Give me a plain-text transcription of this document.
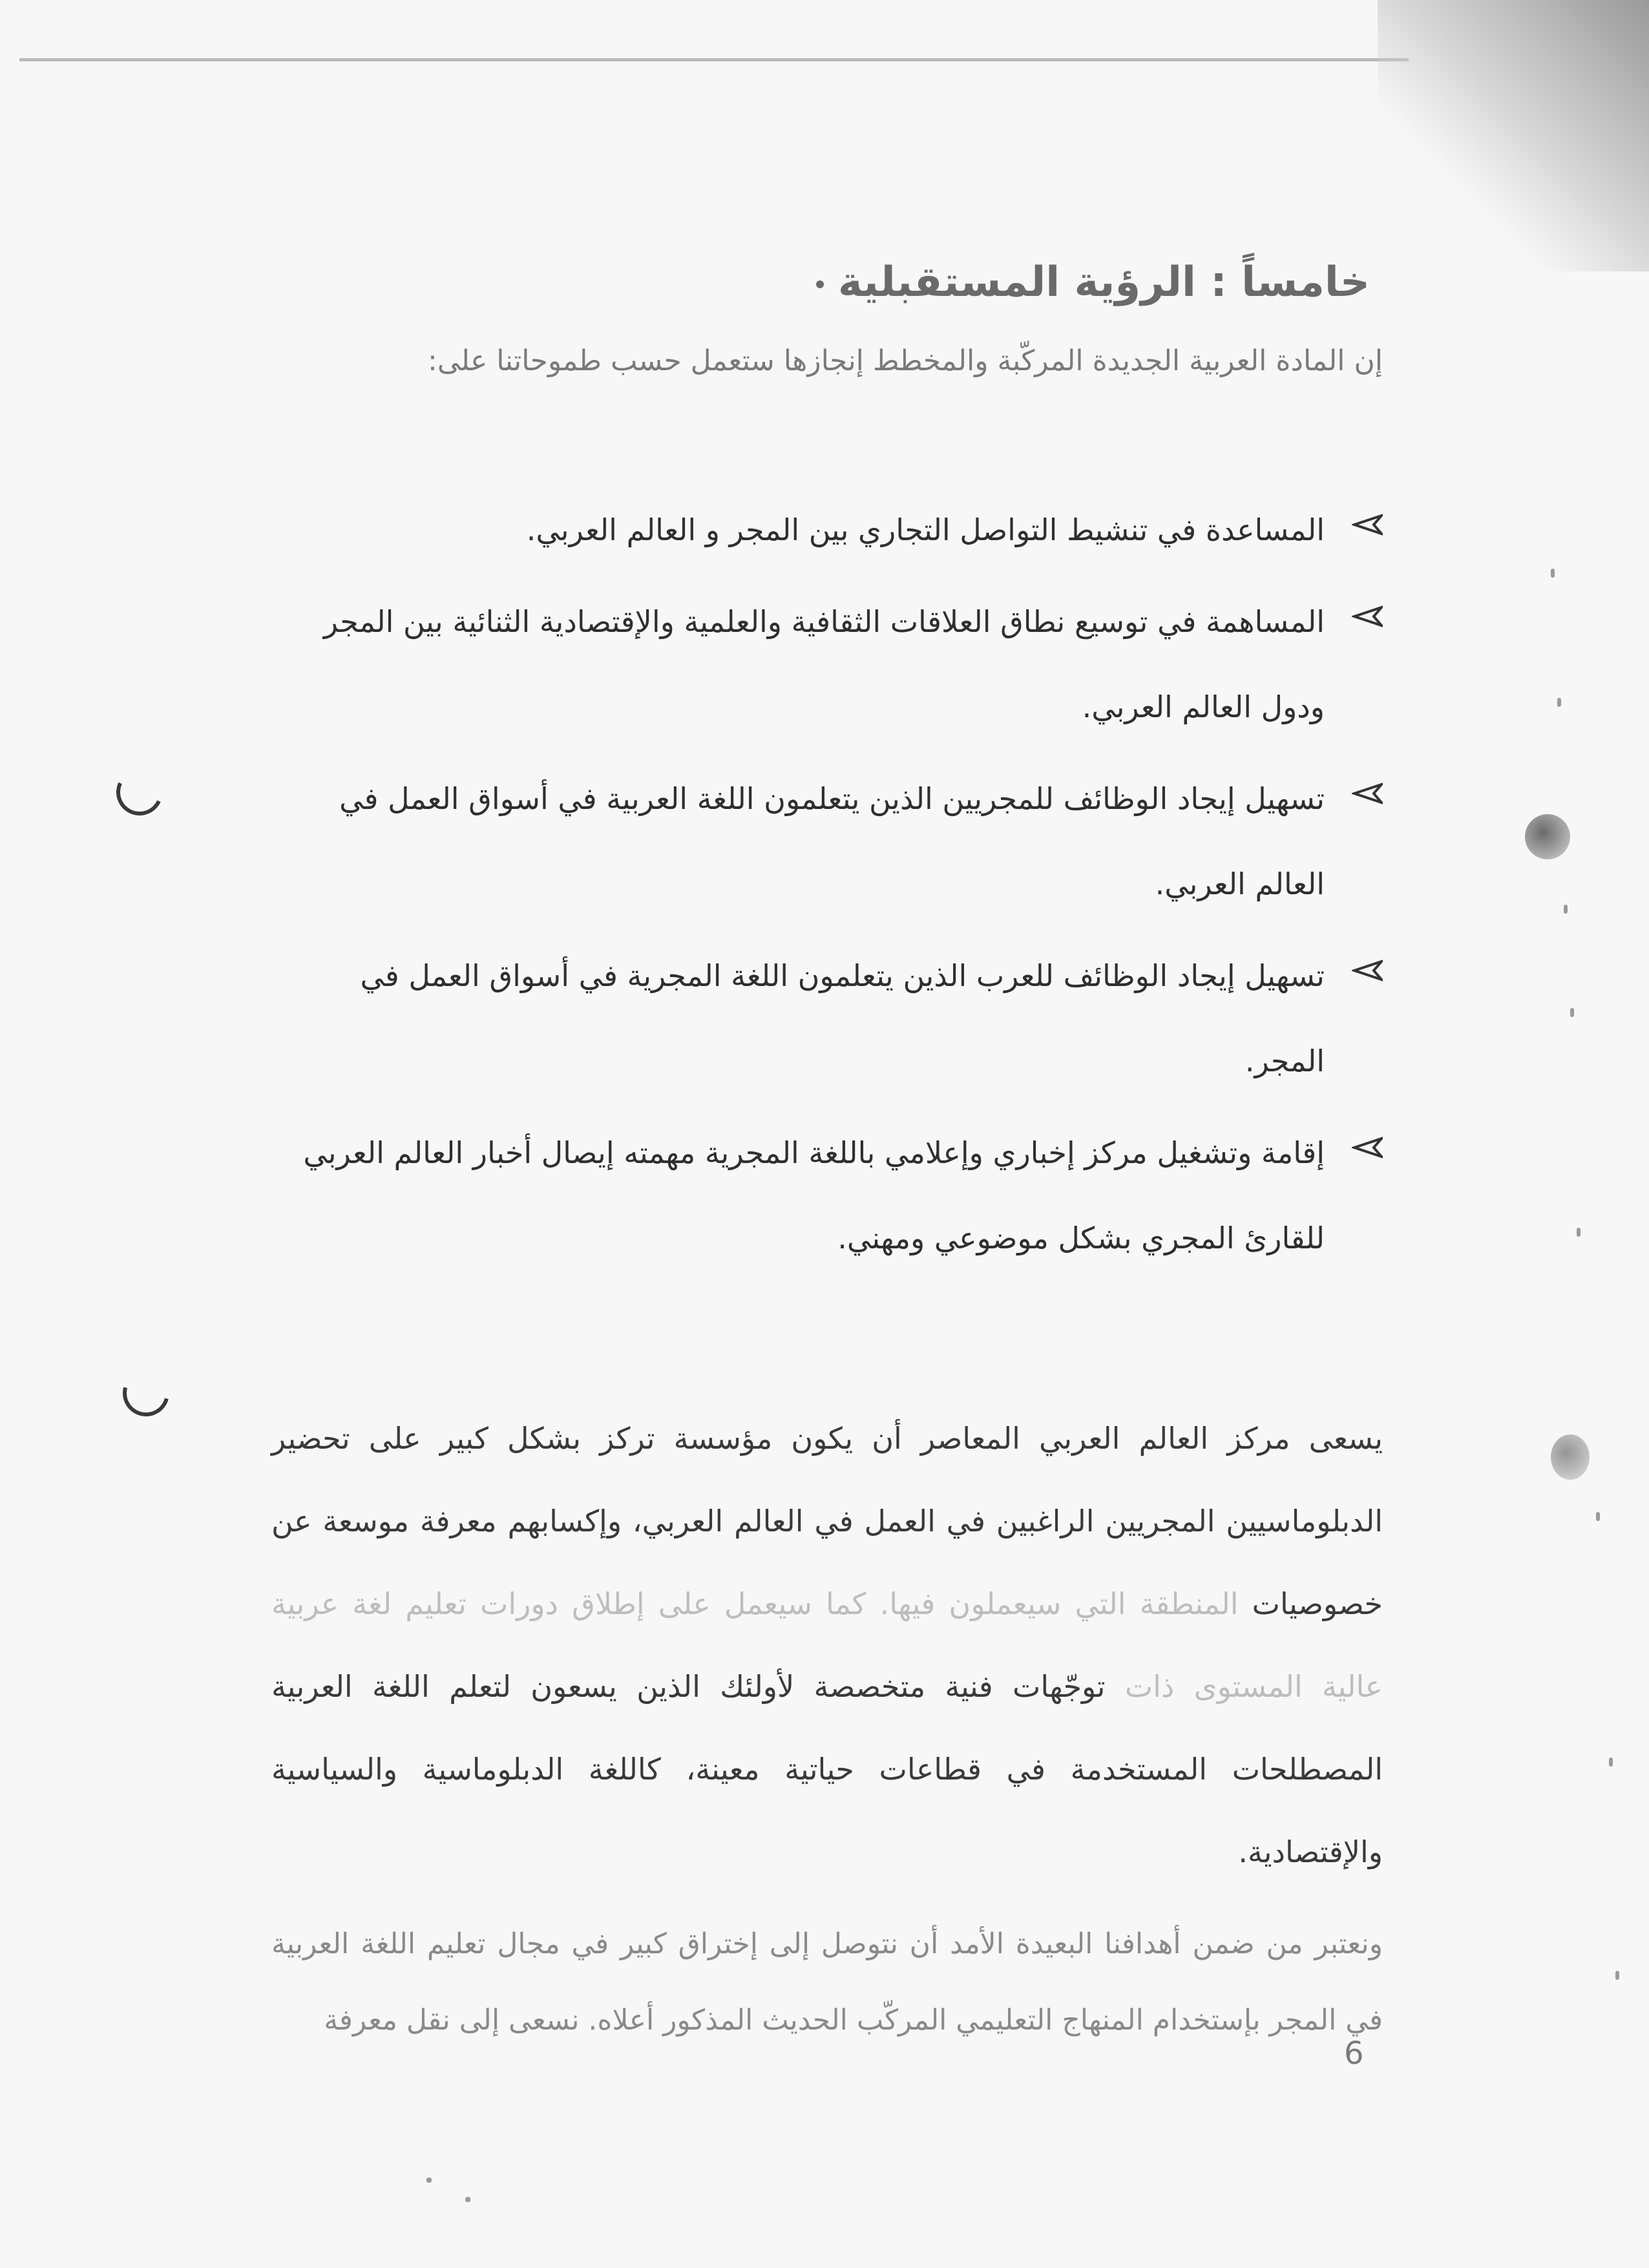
خامساً : الرؤية المستقبلية

إن المادة العربية الجديدة المركّبة والمخطط إنجازها ستعمل حسب طموحاتنا على:

المساعدة في تنشيط التواصل التجاري بين المجر و العالم العربي.
المساهمة في توسيع نطاق العلاقات الثقافية والعلمية والإقتصادية الثنائية بين المجر ودول العالم العربي.
تسهيل إيجاد الوظائف للمجريين الذين يتعلمون اللغة العربية في أسواق العمل في العالم العربي.
تسهيل إيجاد الوظائف للعرب الذين يتعلمون اللغة المجرية في أسواق العمل في المجر.
إقامة وتشغيل مركز إخباري وإعلامي باللغة المجرية مهمته إيصال أخبار العالم العربي للقارئ المجري بشكل موضوعي ومهني.

يسعى مركز العالم العربي المعاصر أن يكون مؤسسة تركز بشكل كبير على تحضير الدبلوماسيين المجريين الراغبين في العمل في العالم العربي، وإكسابهم معرفة موسعة عن خصوصيات المنطقة التي سيعملون فيها. كما سيعمل على إطلاق دورات تعليم لغة عربية عالية المستوى ذات توجّهات فنية متخصصة لأولئك الذين يسعون لتعلم اللغة العربية المصطلحات المستخدمة في قطاعات حياتية معينة، كاللغة الدبلوماسية والسياسية والإقتصادية.

ونعتبر من ضمن أهدافنا البعيدة الأمد أن نتوصل إلى إختراق كبير في مجال تعليم اللغة العربية في المجر بإستخدام المنهاج التعليمي المركّب الحديث المذكور أعلاه. نسعى إلى نقل معرفة

6
